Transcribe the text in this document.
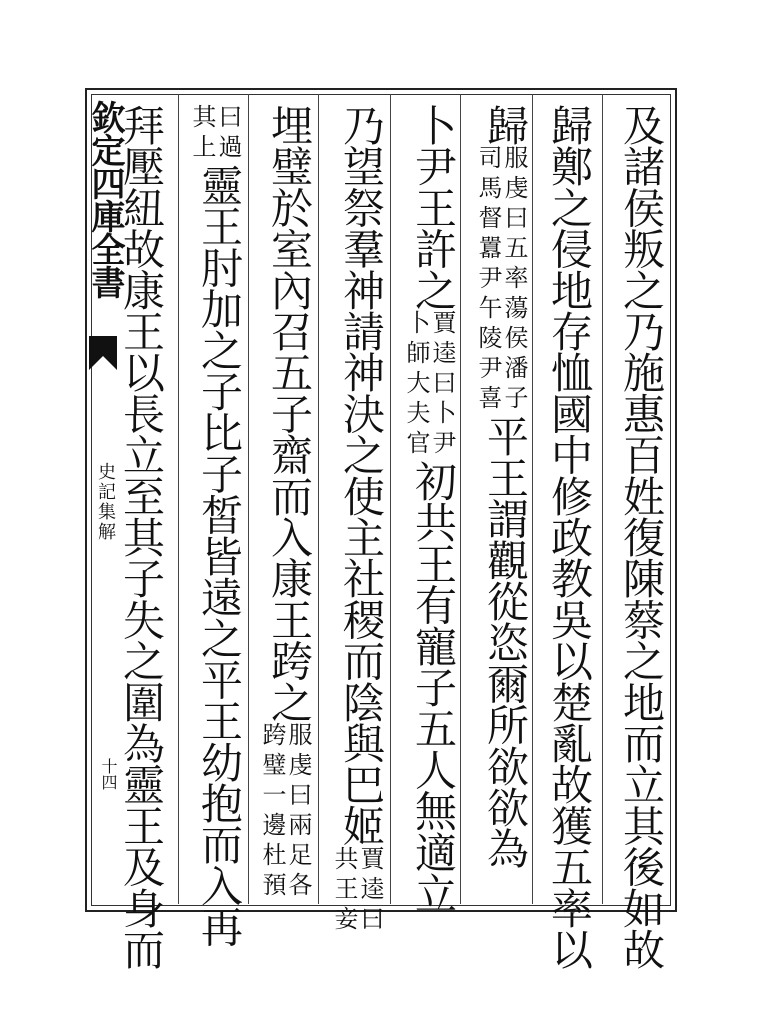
欽定四庫全書
史記集解
十四	及諸侯叛之乃施惠百姓復陳蔡之地而立其後如故
歸鄭之侵地存恤國中修政教吳以楚亂故獲五率以
歸
服虔曰五率蕩侯潘子
司馬督囂尹午陵尹喜
平王謂觀從恣爾所欲欲為
卜尹王許之
賈逵曰卜尹
卜師大夫官
初共王有寵子五人無適立
乃望祭羣神請神決之使主社稷而陰與巴姬
賈逵曰
共王妾
埋璧於室內召五子齋而入康王跨之
服虔曰兩足各
跨璧一邊杜預
曰過
其上
靈王肘加之子比子皙皆遠之平王幼抱而入再
拜壓紐故康王以長立至其子失之圍為靈王及身而
